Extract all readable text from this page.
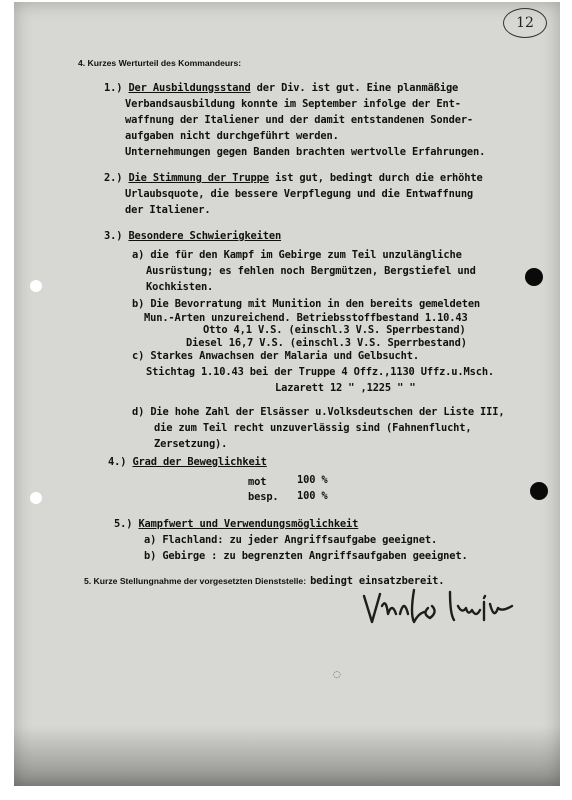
12
4. Kurzes Werturteil des Kommandeurs:
1.) Der Ausbildungsstand der Div. ist gut. Eine planmäßige
Verbandsausbildung konnte im September infolge der Ent-
waffnung der Italiener und der damit entstandenen Sonder-
aufgaben nicht durchgeführt werden.
Unternehmungen gegen Banden brachten wertvolle Erfahrungen.
2.) Die Stimmung der Truppe ist gut, bedingt durch die erhöhte
Urlaubsquote, die bessere Verpflegung und die Entwaffnung
der Italiener.
3.) Besondere Schwierigkeiten
a) die für den Kampf im Gebirge zum Teil unzulängliche
Ausrüstung; es fehlen noch Bergmützen, Bergstiefel und
Kochkisten.
b) Die Bevorratung mit Munition in den bereits gemeldeten
Mun.-Arten unzureichend. Betriebsstoffbestand 1.10.43
Otto 4,1 V.S. (einschl.3 V.S. Sperrbestand)
Diesel 16,7 V.S. (einschl.3 V.S. Sperrbestand)
c) Starkes Anwachsen der Malaria und Gelbsucht.
Stichtag 1.10.43 bei der Truppe 4 Offz.,1130 Uffz.u.Msch.
Lazarett 12 " ,1225 " "
d) Die hohe Zahl der Elsässer u.Volksdeutschen der Liste III,
die zum Teil recht unzuverlässig sind (Fahnenflucht,
Zersetzung).
4.) Grad der Beweglichkeit
mot	100 %
besp. 100 %
5.) Kampfwert und Verwendungsmöglichkeit
a) Flachland: zu jeder Angriffsaufgabe geeignet.
b) Gebirge : zu begrenzten Angriffsaufgaben geeignet.
5. Kurze Stellungnahme der vorgesetzten Dienststelle: bedingt einsatzbereit.
◌
